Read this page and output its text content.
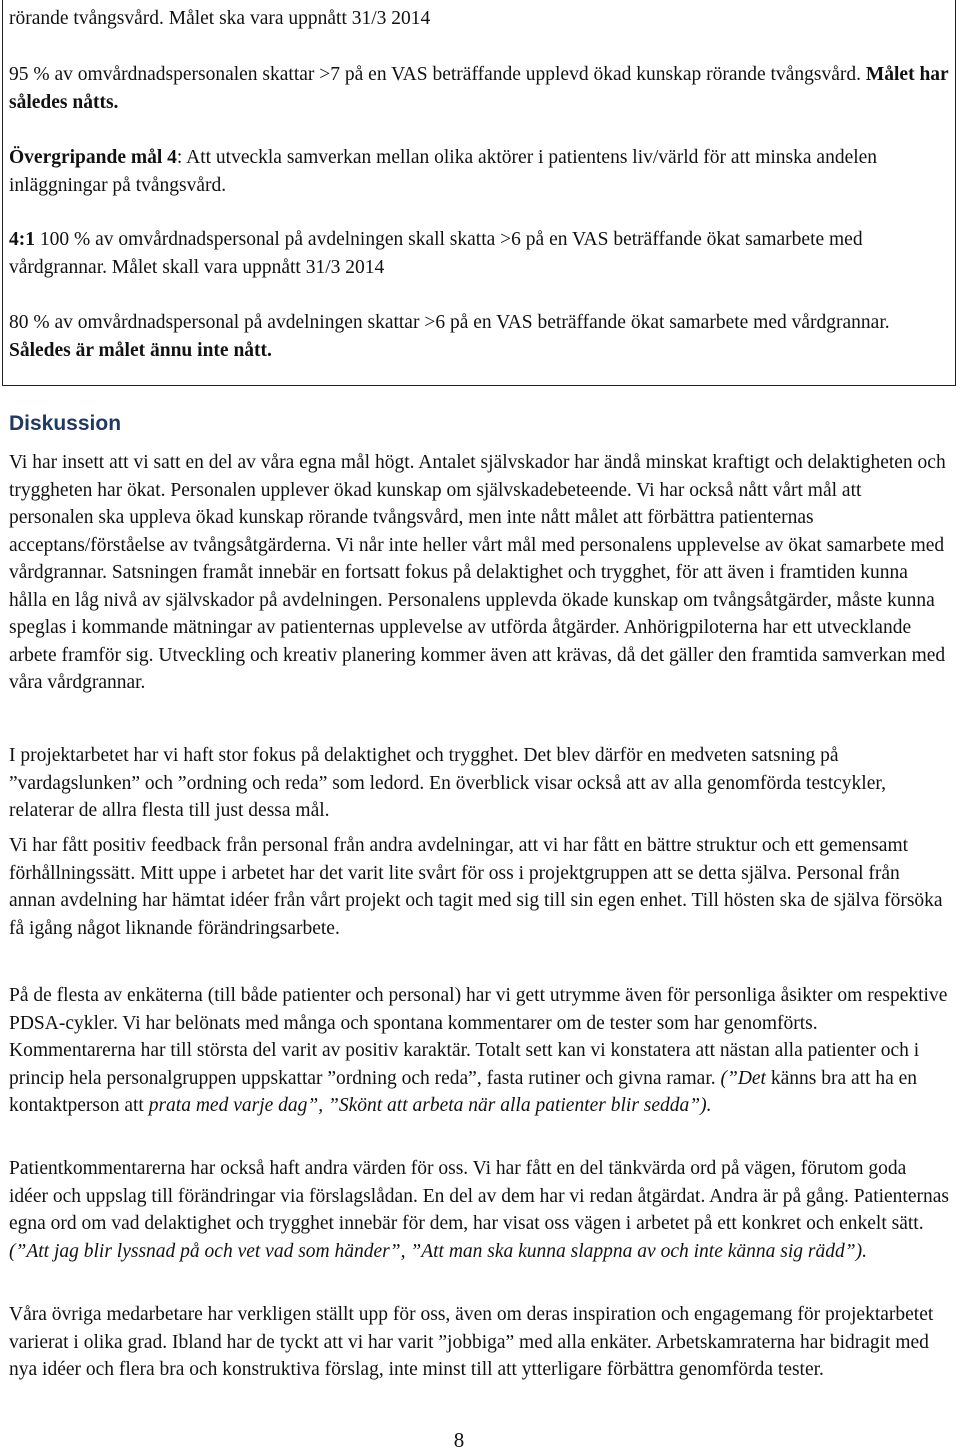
rörande tvångsvård. Målet ska vara uppnått 31/3 2014

95 % av omvårdnadspersonalen skattar >7 på en VAS beträffande upplevd ökad kunskap rörande tvångsvård. Målet har således nåtts.

Övergripande mål 4: Att utveckla samverkan mellan olika aktörer i patientens liv/värld för att minska andelen inläggningar på tvångsvård.

4:1 100 % av omvårdnadspersonal på avdelningen skall skatta >6 på en VAS beträffande ökat samarbete med vårdgrannar. Målet skall vara uppnått 31/3 2014

80 % av omvårdnadspersonal på avdelningen skattar >6 på en VAS beträffande ökat samarbete med vårdgrannar. Således är målet ännu inte nått.

Diskussion

Vi har insett att vi satt en del av våra egna mål högt. Antalet självskador har ändå minskat kraftigt och delaktigheten och tryggheten har ökat. Personalen upplever ökad kunskap om självskadebeteende. Vi har också nått vårt mål att personalen ska uppleva ökad kunskap rörande tvångsvård, men inte nått målet att förbättra patienternas acceptans/förståelse av tvångsåtgärderna. Vi når inte heller vårt mål med personalens upplevelse av ökat samarbete med vårdgrannar. Satsningen framåt innebär en fortsatt fokus på delaktighet och trygghet, för att även i framtiden kunna hålla en låg nivå av självskador på avdelningen. Personalens upplevda ökade kunskap om tvångsåtgärder, måste kunna speglas i kommande mätningar av patienternas upplevelse av utförda åtgärder. Anhörigpiloterna har ett utvecklande arbete framför sig. Utveckling och kreativ planering kommer även att krävas, då det gäller den framtida samverkan med våra vårdgrannar.

I projektarbetet har vi haft stor fokus på delaktighet och trygghet. Det blev därför en medveten satsning på ”vardagslunken” och ”ordning och reda” som ledord. En överblick visar också att av alla genomförda testcykler, relaterar de allra flesta till just dessa mål.

Vi har fått positiv feedback från personal från andra avdelningar, att vi har fått en bättre struktur och ett gemensamt förhållningssätt. Mitt uppe i arbetet har det varit lite svårt för oss i projektgruppen att se detta själva. Personal från annan avdelning har hämtat idéer från vårt projekt och tagit med sig till sin egen enhet. Till hösten ska de själva försöka få igång något liknande förändringsarbete.

På de flesta av enkäterna (till både patienter och personal) har vi gett utrymme även för personliga åsikter om respektive PDSA-cykler. Vi har belönats med många och spontana kommentarer om de tester som har genomförts. Kommentarerna har till största del varit av positiv karaktär. Totalt sett kan vi konstatera att nästan alla patienter och i princip hela personalgruppen uppskattar ”ordning och reda”, fasta rutiner och givna ramar. (”Det känns bra att ha en kontaktperson att prata med varje dag”, ”Skönt att arbeta när alla patienter blir sedda”).

Patientkommentarerna har också haft andra värden för oss. Vi har fått en del tänkvärda ord på vägen, förutom goda idéer och uppslag till förändringar via förslagslådan. En del av dem har vi redan åtgärdat. Andra är på gång. Patienternas egna ord om vad delaktighet och trygghet innebär för dem, har visat oss vägen i arbetet på ett konkret och enkelt sätt. (”Att jag blir lyssnad på och vet vad som händer”, ”Att man ska kunna slappna av och inte känna sig rädd”).

Våra övriga medarbetare har verkligen ställt upp för oss, även om deras inspiration och engagemang för projektarbetet varierat i olika grad. Ibland har de tyckt att vi har varit ”jobbiga” med alla enkäter. Arbetskamraterna har bidragit med nya idéer och flera bra och konstruktiva förslag, inte minst till att ytterligare förbättra genomförda tester.

8
